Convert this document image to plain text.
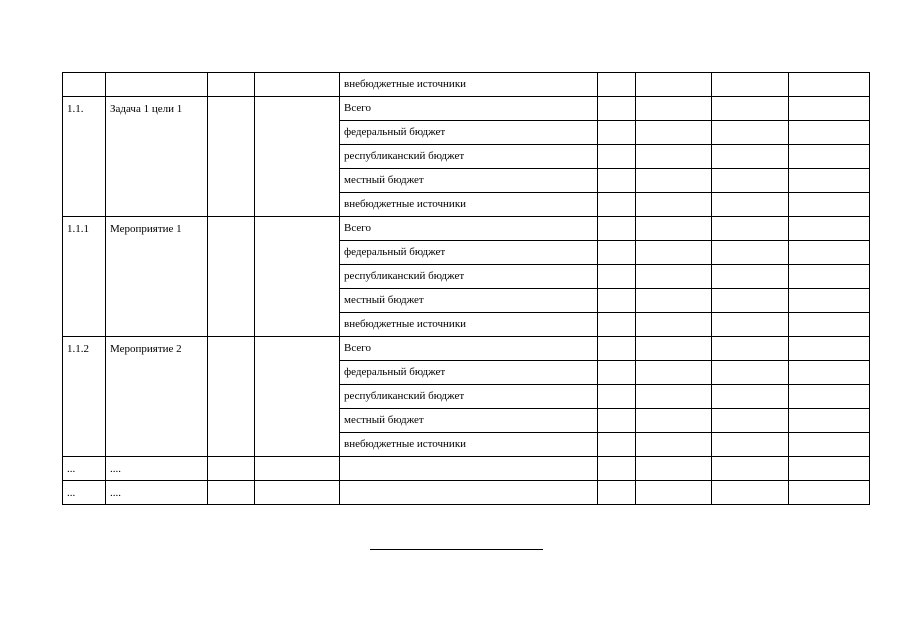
				внебюджетные источники				
1.1.	Задача 1 цели 1			Всего				
				федеральный бюджет				
				республиканский бюджет				
				местный бюджет				
				внебюджетные источники				
1.1.1	Мероприятие 1			Всего				
				федеральный бюджет				
				республиканский бюджет				
				местный бюджет				
				внебюджетные источники				
1.1.2	Мероприятие 2			Всего				
				федеральный бюджет				
				республиканский бюджет				
				местный бюджет				
				внебюджетные источники				
...	....							
...	....							
